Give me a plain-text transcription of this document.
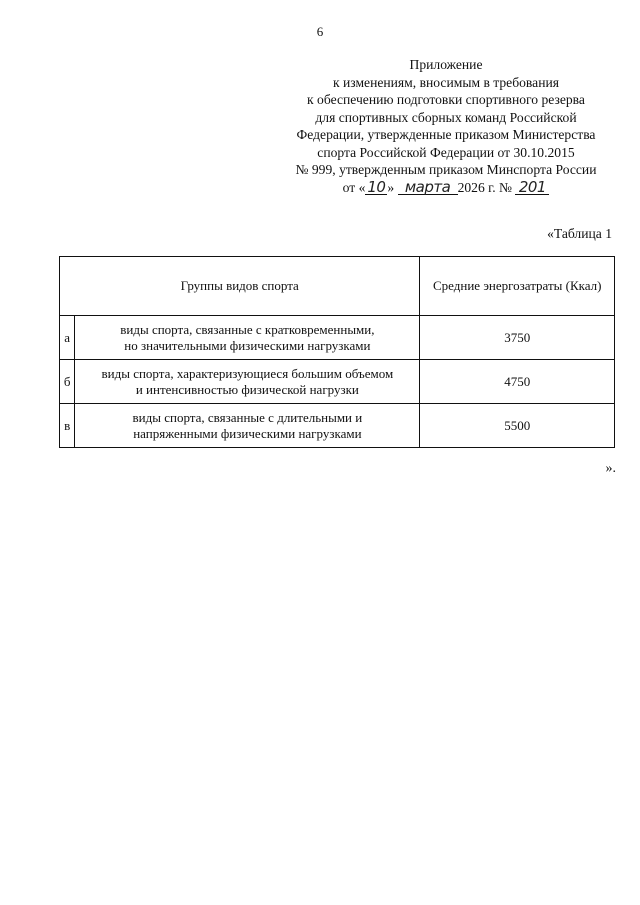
6
Приложение
к изменениям, вносимым в требования
к обеспечению подготовки спортивного резерва
для спортивных сборных команд Российской
Федерации, утвержденные приказом Министерства
спорта Российской Федерации от 30.10.2015
№ 999, утвержденным приказом Минспорта России
от « 10 » марта 2026 г. № 201
«Таблица 1
Группы видов спорта		Средние энергозатраты (Ккал)
а	виды спорта, связанные с кратковременными,
но значительными физическими нагрузками	3750
б	виды спорта, характеризующиеся большим объемом
и интенсивностью физической нагрузки	4750
в	виды спорта, связанные с длительными и
напряженными физическими нагрузками	5500
».
